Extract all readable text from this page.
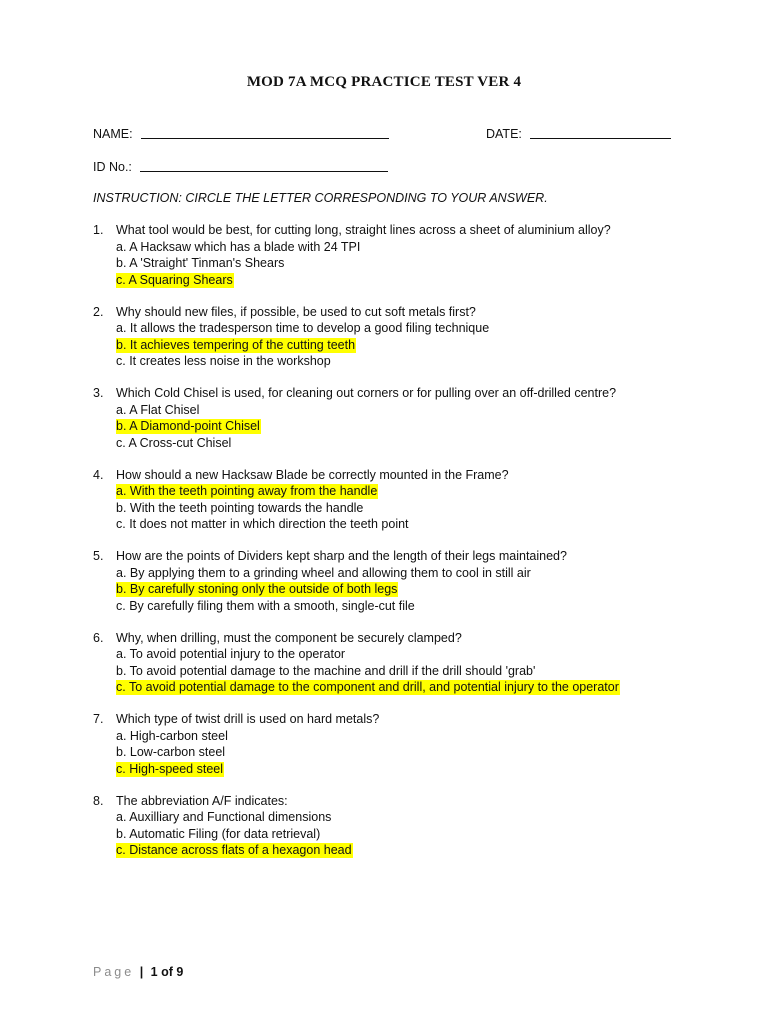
MOD 7A MCQ PRACTICE TEST VER 4
NAME:	DATE:
ID No.:
INSTRUCTION: CIRCLE THE LETTER CORRESPONDING TO YOUR ANSWER.
1.	What tool would be best, for cutting long, straight lines across a sheet of aluminium alloy?
a. A Hacksaw which has a blade with 24 TPI
b. A 'Straight' Tinman's Shears
c. A Squaring Shears
2.	Why should new files, if possible, be used to cut soft metals first?
a. It allows the tradesperson time to develop a good filing technique
b. It achieves tempering of the cutting teeth
c. It creates less noise in the workshop
3.	Which Cold Chisel is used, for cleaning out corners or for pulling over an off-drilled centre?
a. A Flat Chisel
b. A Diamond-point Chisel
c. A Cross-cut Chisel
4.	How should a new Hacksaw Blade be correctly mounted in the Frame?
a. With the teeth pointing away from the handle
b. With the teeth pointing towards the handle
c. It does not matter in which direction the teeth point
5.	How are the points of Dividers kept sharp and the length of their legs maintained?
a. By applying them to a grinding wheel and allowing them to cool in still air
b. By carefully stoning only the outside of both legs
c. By carefully filing them with a smooth, single-cut file
6.	Why, when drilling, must the component be securely clamped?
a. To avoid potential injury to the operator
b. To avoid potential damage to the machine and drill if the drill should 'grab'
c. To avoid potential damage to the component and drill, and potential injury to the operator
7.	Which type of twist drill is used on hard metals?
a. High-carbon steel
b. Low-carbon steel
c. High-speed steel
8.	The abbreviation A/F indicates:
a. Auxilliary and Functional dimensions
b. Automatic Filing (for data retrieval)
c. Distance across flats of a hexagon head
Page | 1 of 9
